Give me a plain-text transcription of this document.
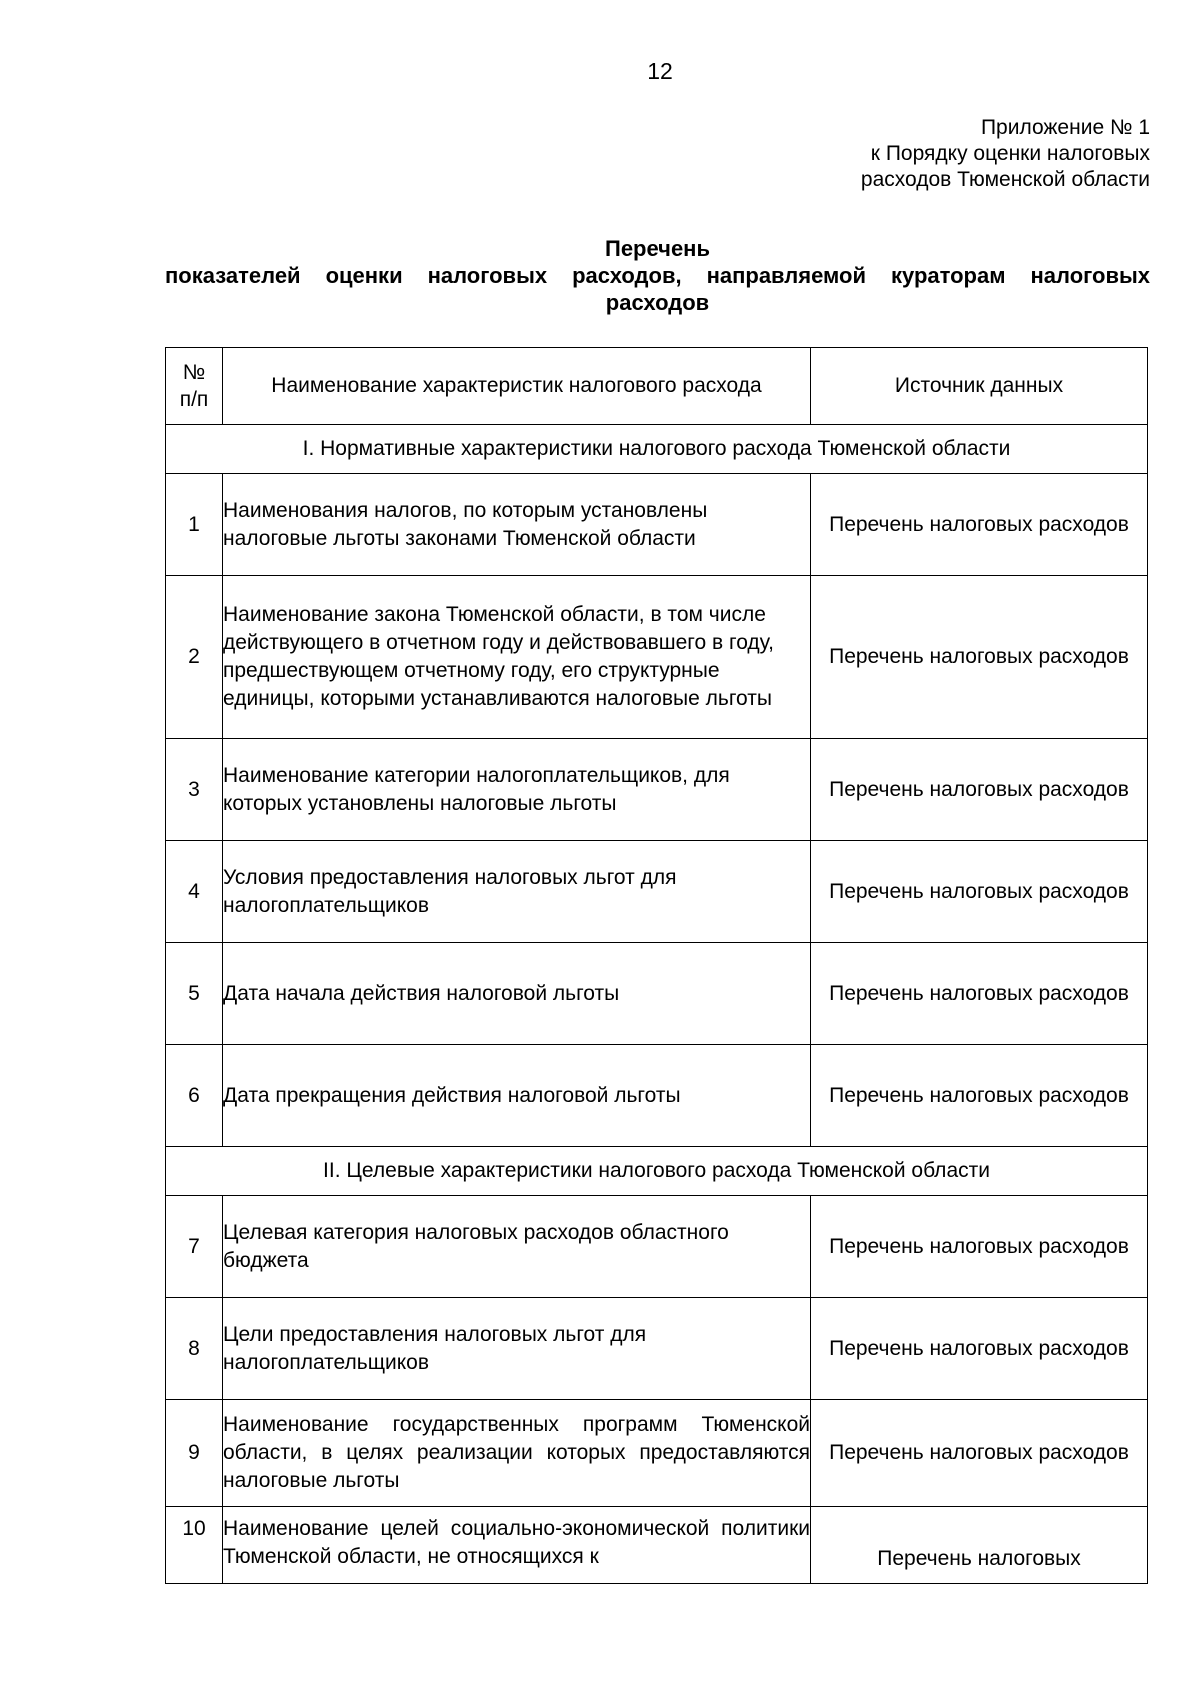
12
Приложение № 1
к Порядку оценки налоговых
расходов Тюменской области
Перечень
показателей оценки налоговых расходов, направляемой кураторам налоговых
расходов
№ п/п	Наименование характеристик налогового расхода	Источник данных
I. Нормативные характеристики налогового расхода Тюменской области		
1	Наименования налогов, по которым установлены налоговые льготы законами Тюменской области	Перечень налоговых расходов
2	Наименование закона Тюменской области, в том числе действующего в отчетном году и действовавшего в году, предшествующем отчетному году, его структурные единицы, которыми устанавливаются налоговые льготы	Перечень налоговых расходов
3	Наименование категории налогоплательщиков, для которых установлены налоговые льготы	Перечень налоговых расходов
4	Условия предоставления налоговых льгот для налогоплательщиков	Перечень налоговых расходов
5	Дата начала действия налоговой льготы	Перечень налоговых расходов
6	Дата прекращения действия налоговой льготы	Перечень налоговых расходов
II. Целевые характеристики налогового расхода Тюменской области		
7	Целевая категория налоговых расходов областного бюджета	Перечень налоговых расходов
8	Цели предоставления налоговых льгот для налогоплательщиков	Перечень налоговых расходов
9	Наименование государственных программ Тюменской области, в целях реализации которых предоставляются налоговые льготы	Перечень налоговых расходов
10	Наименование целей социально-экономической политики Тюменской области, не относящихся к	Перечень налоговых
